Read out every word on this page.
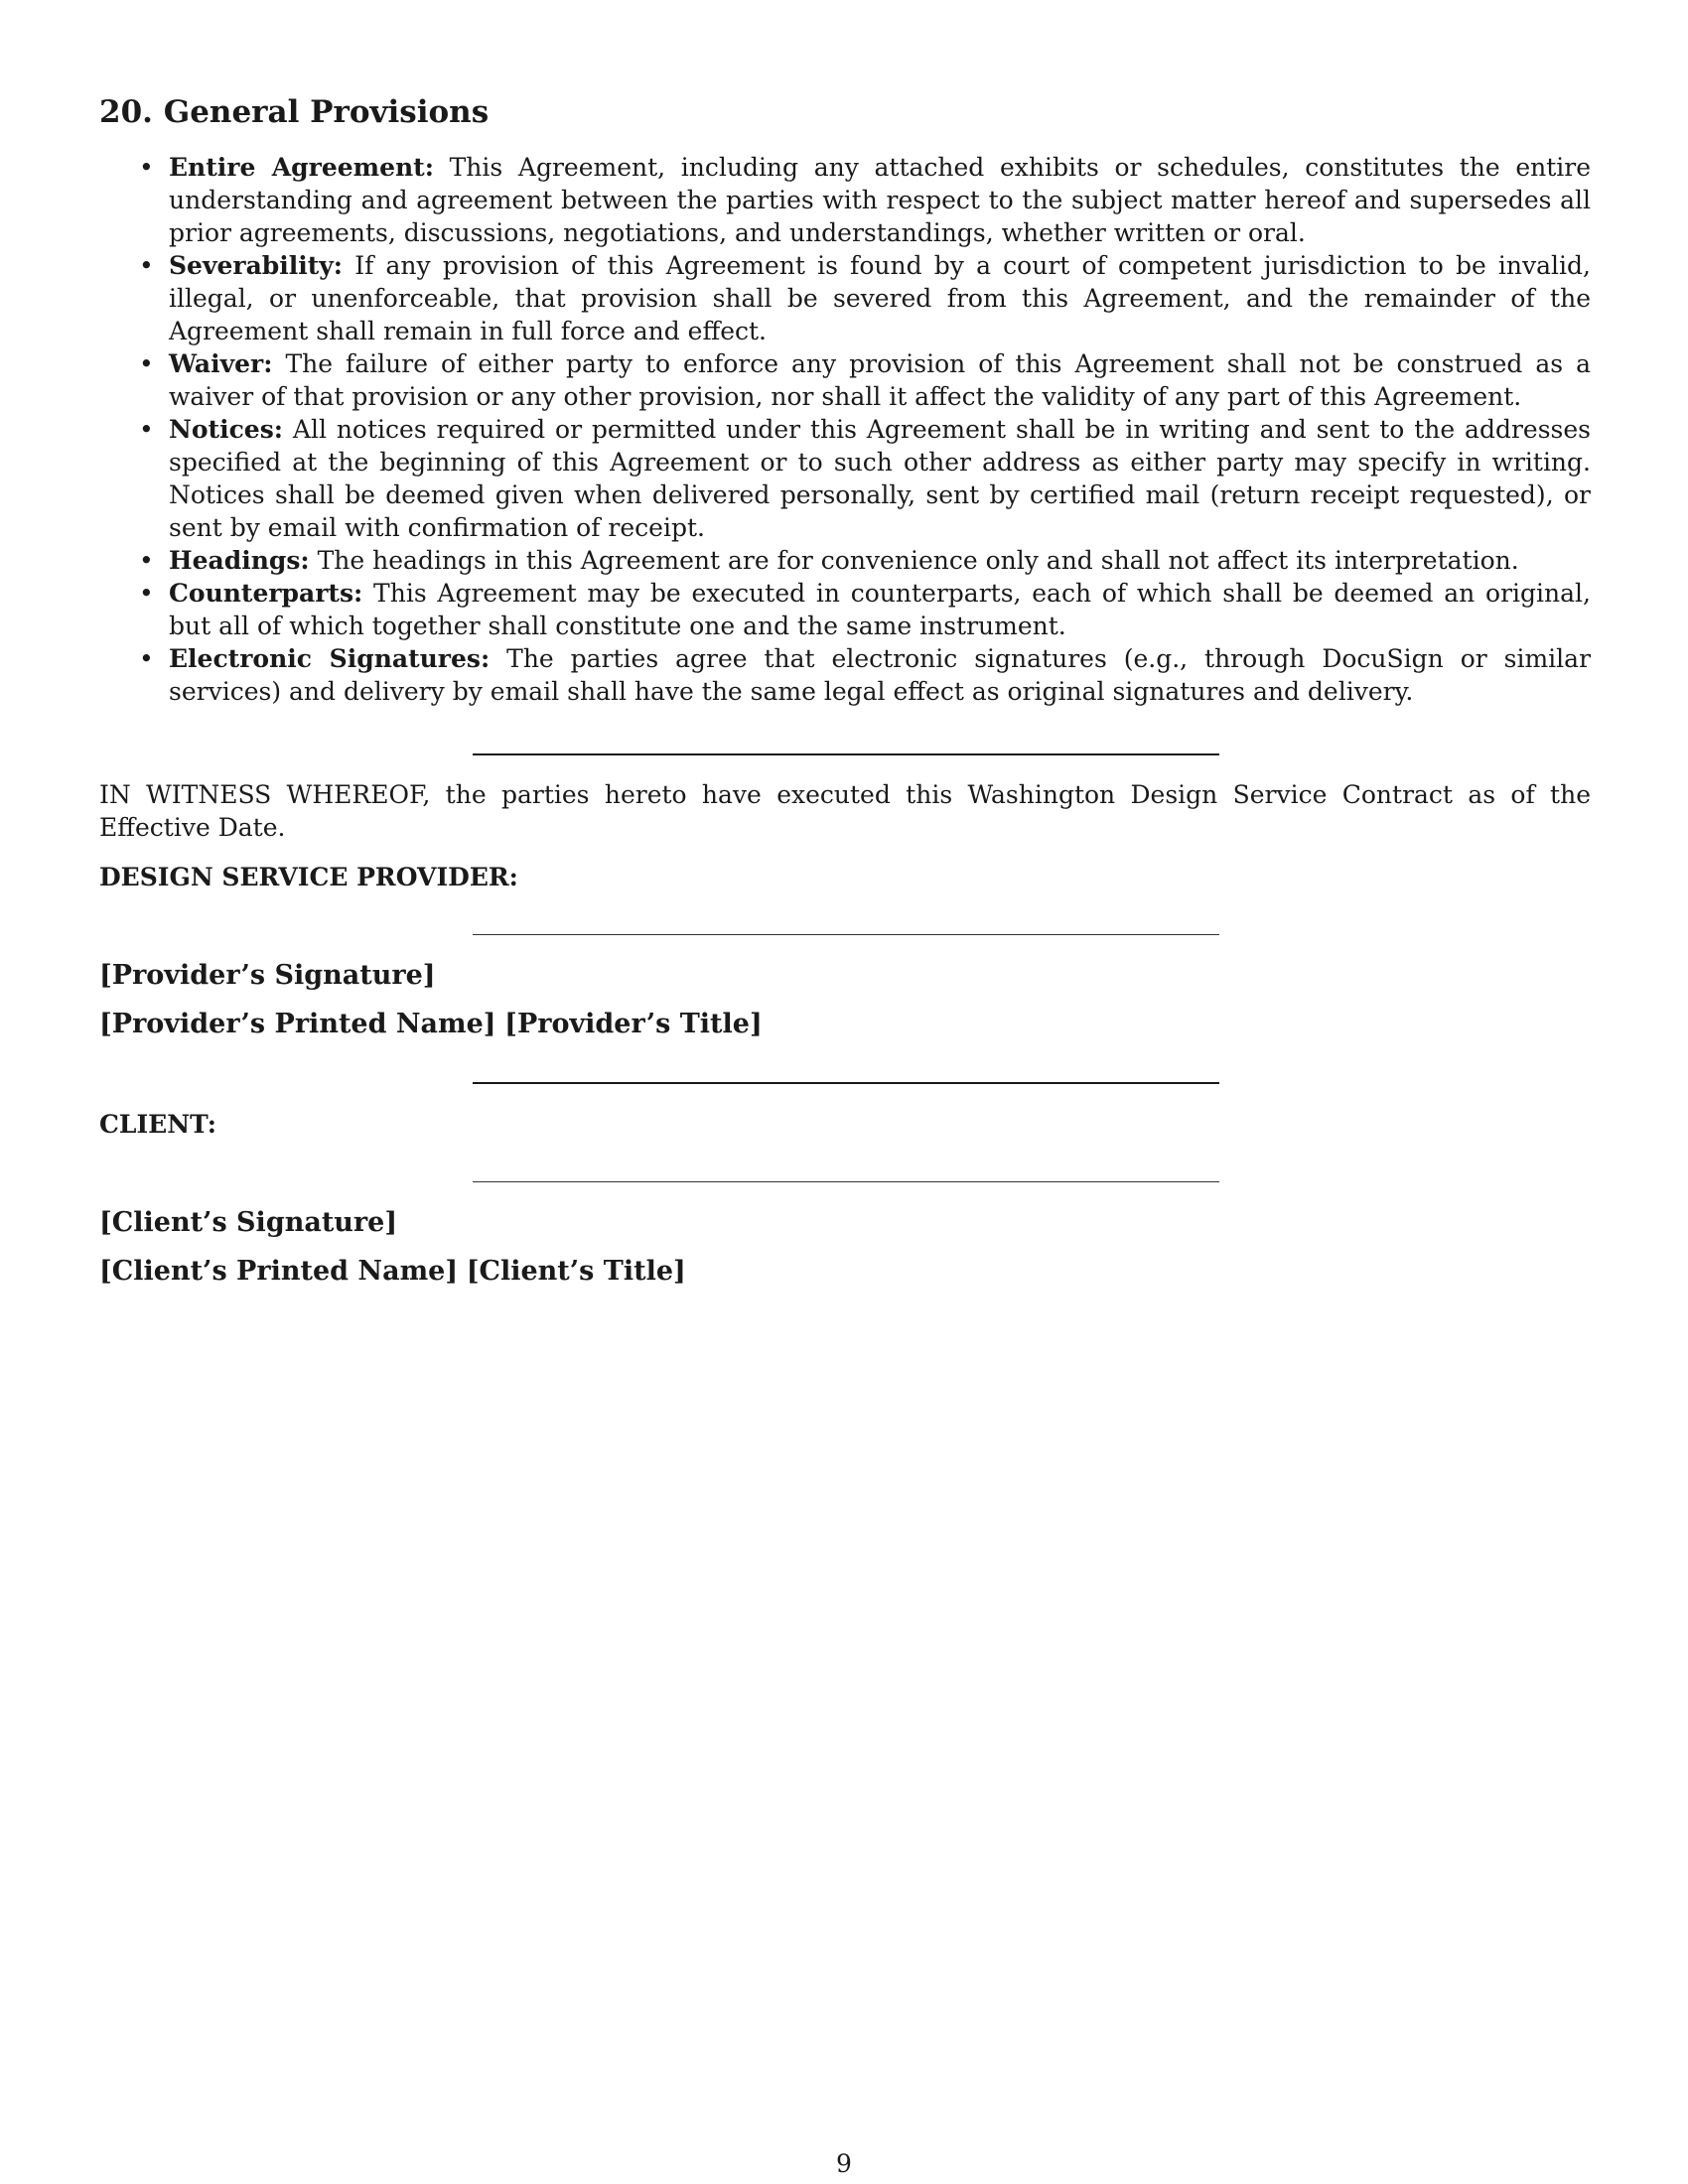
20. General Provisions
• Entire Agreement: This Agreement, including any attached exhibits or schedules, constitutes the entire understanding and agreement between the parties with respect to the subject matter hereof and supersedes all prior agreements, discussions, negotiations, and understandings, whether written or oral.
• Severability: If any provision of this Agreement is found by a court of competent jurisdiction to be invalid, illegal, or unenforceable, that provision shall be severed from this Agreement, and the remainder of the Agreement shall remain in full force and effect.
• Waiver: The failure of either party to enforce any provision of this Agreement shall not be construed as a waiver of that provision or any other provision, nor shall it affect the validity of any part of this Agreement.
• Notices: All notices required or permitted under this Agreement shall be in writing and sent to the addresses specified at the beginning of this Agreement or to such other address as either party may specify in writing. Notices shall be deemed given when delivered personally, sent by certified mail (return receipt requested), or sent by email with confirmation of receipt.
• Headings: The headings in this Agreement are for convenience only and shall not affect its interpretation.
• Counterparts: This Agreement may be executed in counterparts, each of which shall be deemed an original, but all of which together shall constitute one and the same instrument.
• Electronic Signatures: The parties agree that electronic signatures (e.g., through DocuSign or similar services) and delivery by email shall have the same legal effect as original signatures and delivery.
IN WITNESS WHEREOF, the parties hereto have executed this Washington Design Service Contract as of the Effective Date.
DESIGN SERVICE PROVIDER:
[Provider’s Signature]
[Provider’s Printed Name] [Provider’s Title]
CLIENT:
[Client’s Signature]
[Client’s Printed Name] [Client’s Title]
9
